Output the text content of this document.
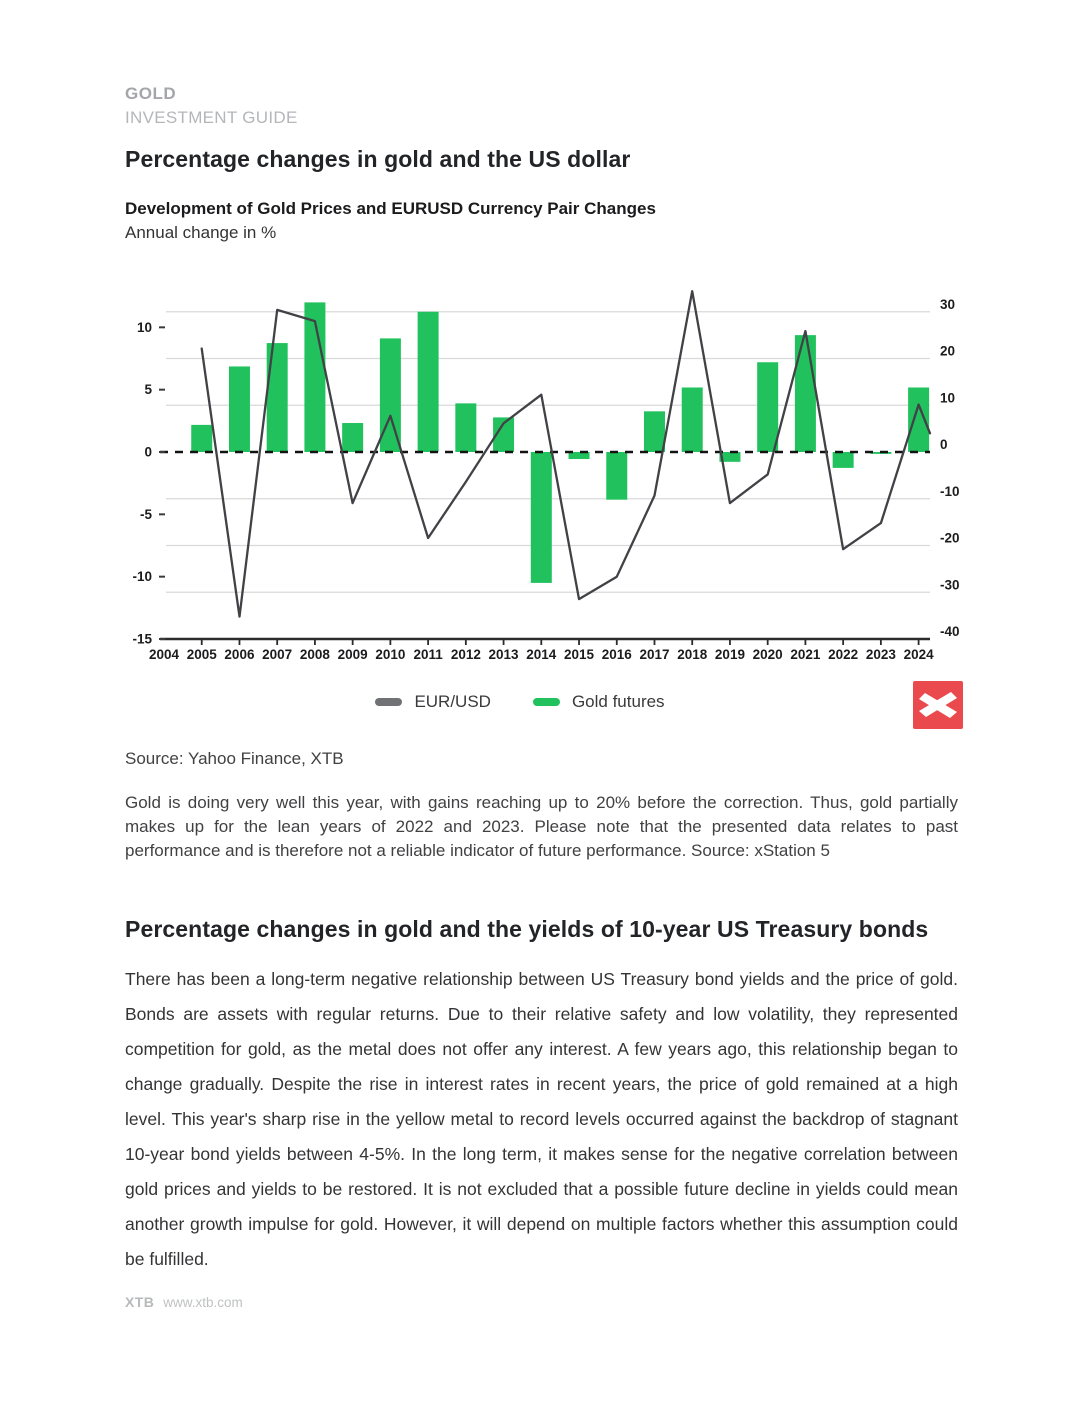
GOLD
INVESTMENT GUIDE
Percentage changes in gold and the US dollar

Development of Gold Prices and EURUSD Currency Pair Changes

Annual change in %

2004 2005 2006 2007 2008 2009 2010 2011 2012 2013 2014 2015 2016 2017 2018 2019 2020 2021 2022 2023 2024
10
5
0
-5
-10
-15
30
20
10
0
-10
-20
-30
-40
EUR/USD	Gold futures

Source: Yahoo Finance, XTB

Gold is doing very well this year, with gains reaching up to 20% before the correction. Thus, gold partially makes up for the lean years of 2022 and 2023. Please note that the presented data relates to past performance and is therefore not a reliable indicator of future performance. Source: xStation 5

Percentage changes in gold and the yields of 10-year US Treasury bonds

There has been a long-term negative relationship between US Treasury bond yields and the price of gold. Bonds are assets with regular returns. Due to their relative safety and low volatility, they represented competition for gold, as the metal does not offer any interest. A few years ago, this relationship began to change gradually. Despite the rise in interest rates in recent years, the price of gold remained at a high level. This year's sharp rise in the yellow metal to record levels occurred against the backdrop of stagnant 10-year bond yields between 4-5%. In the long term, it makes sense for the negative correlation between gold prices and yields to be restored. It is not excluded that a possible future decline in yields could mean another growth impulse for gold. However, it will depend on multiple factors whether this assumption could be fulfilled.

XTB www.xtb.com
